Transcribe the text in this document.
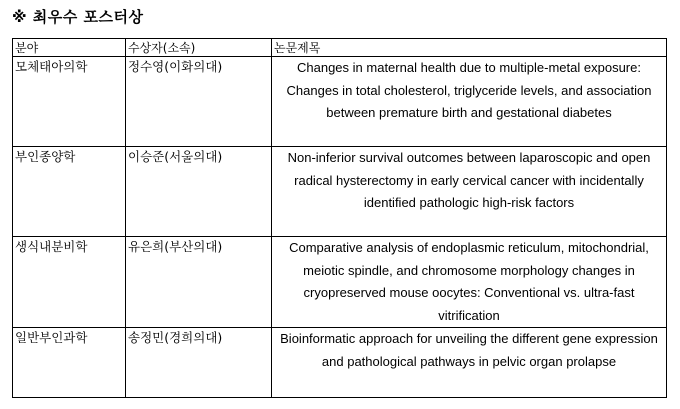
※ 최우수 포스터상
분야	수상자(소속)	논문제목
모체태아의학	정수영(이화의대)	Changes in maternal health due to multiple-metal exposure: Changes in total cholesterol, triglyceride levels, and association between premature birth and gestational diabetes
부인종양학	이승준(서울의대)	Non-inferior survival outcomes between laparoscopic and open radical hysterectomy in early cervical cancer with incidentally identified pathologic high-risk factors
생식내분비학	유은희(부산의대)	Comparative analysis of endoplasmic reticulum, mitochondrial, meiotic spindle, and chromosome morphology changes in cryopreserved mouse oocytes: Conventional vs. ultra-fast vitrification
일반부인과학	송정민(경희의대)	Bioinformatic approach for unveiling the different gene expression and pathological pathways in pelvic organ prolapse
